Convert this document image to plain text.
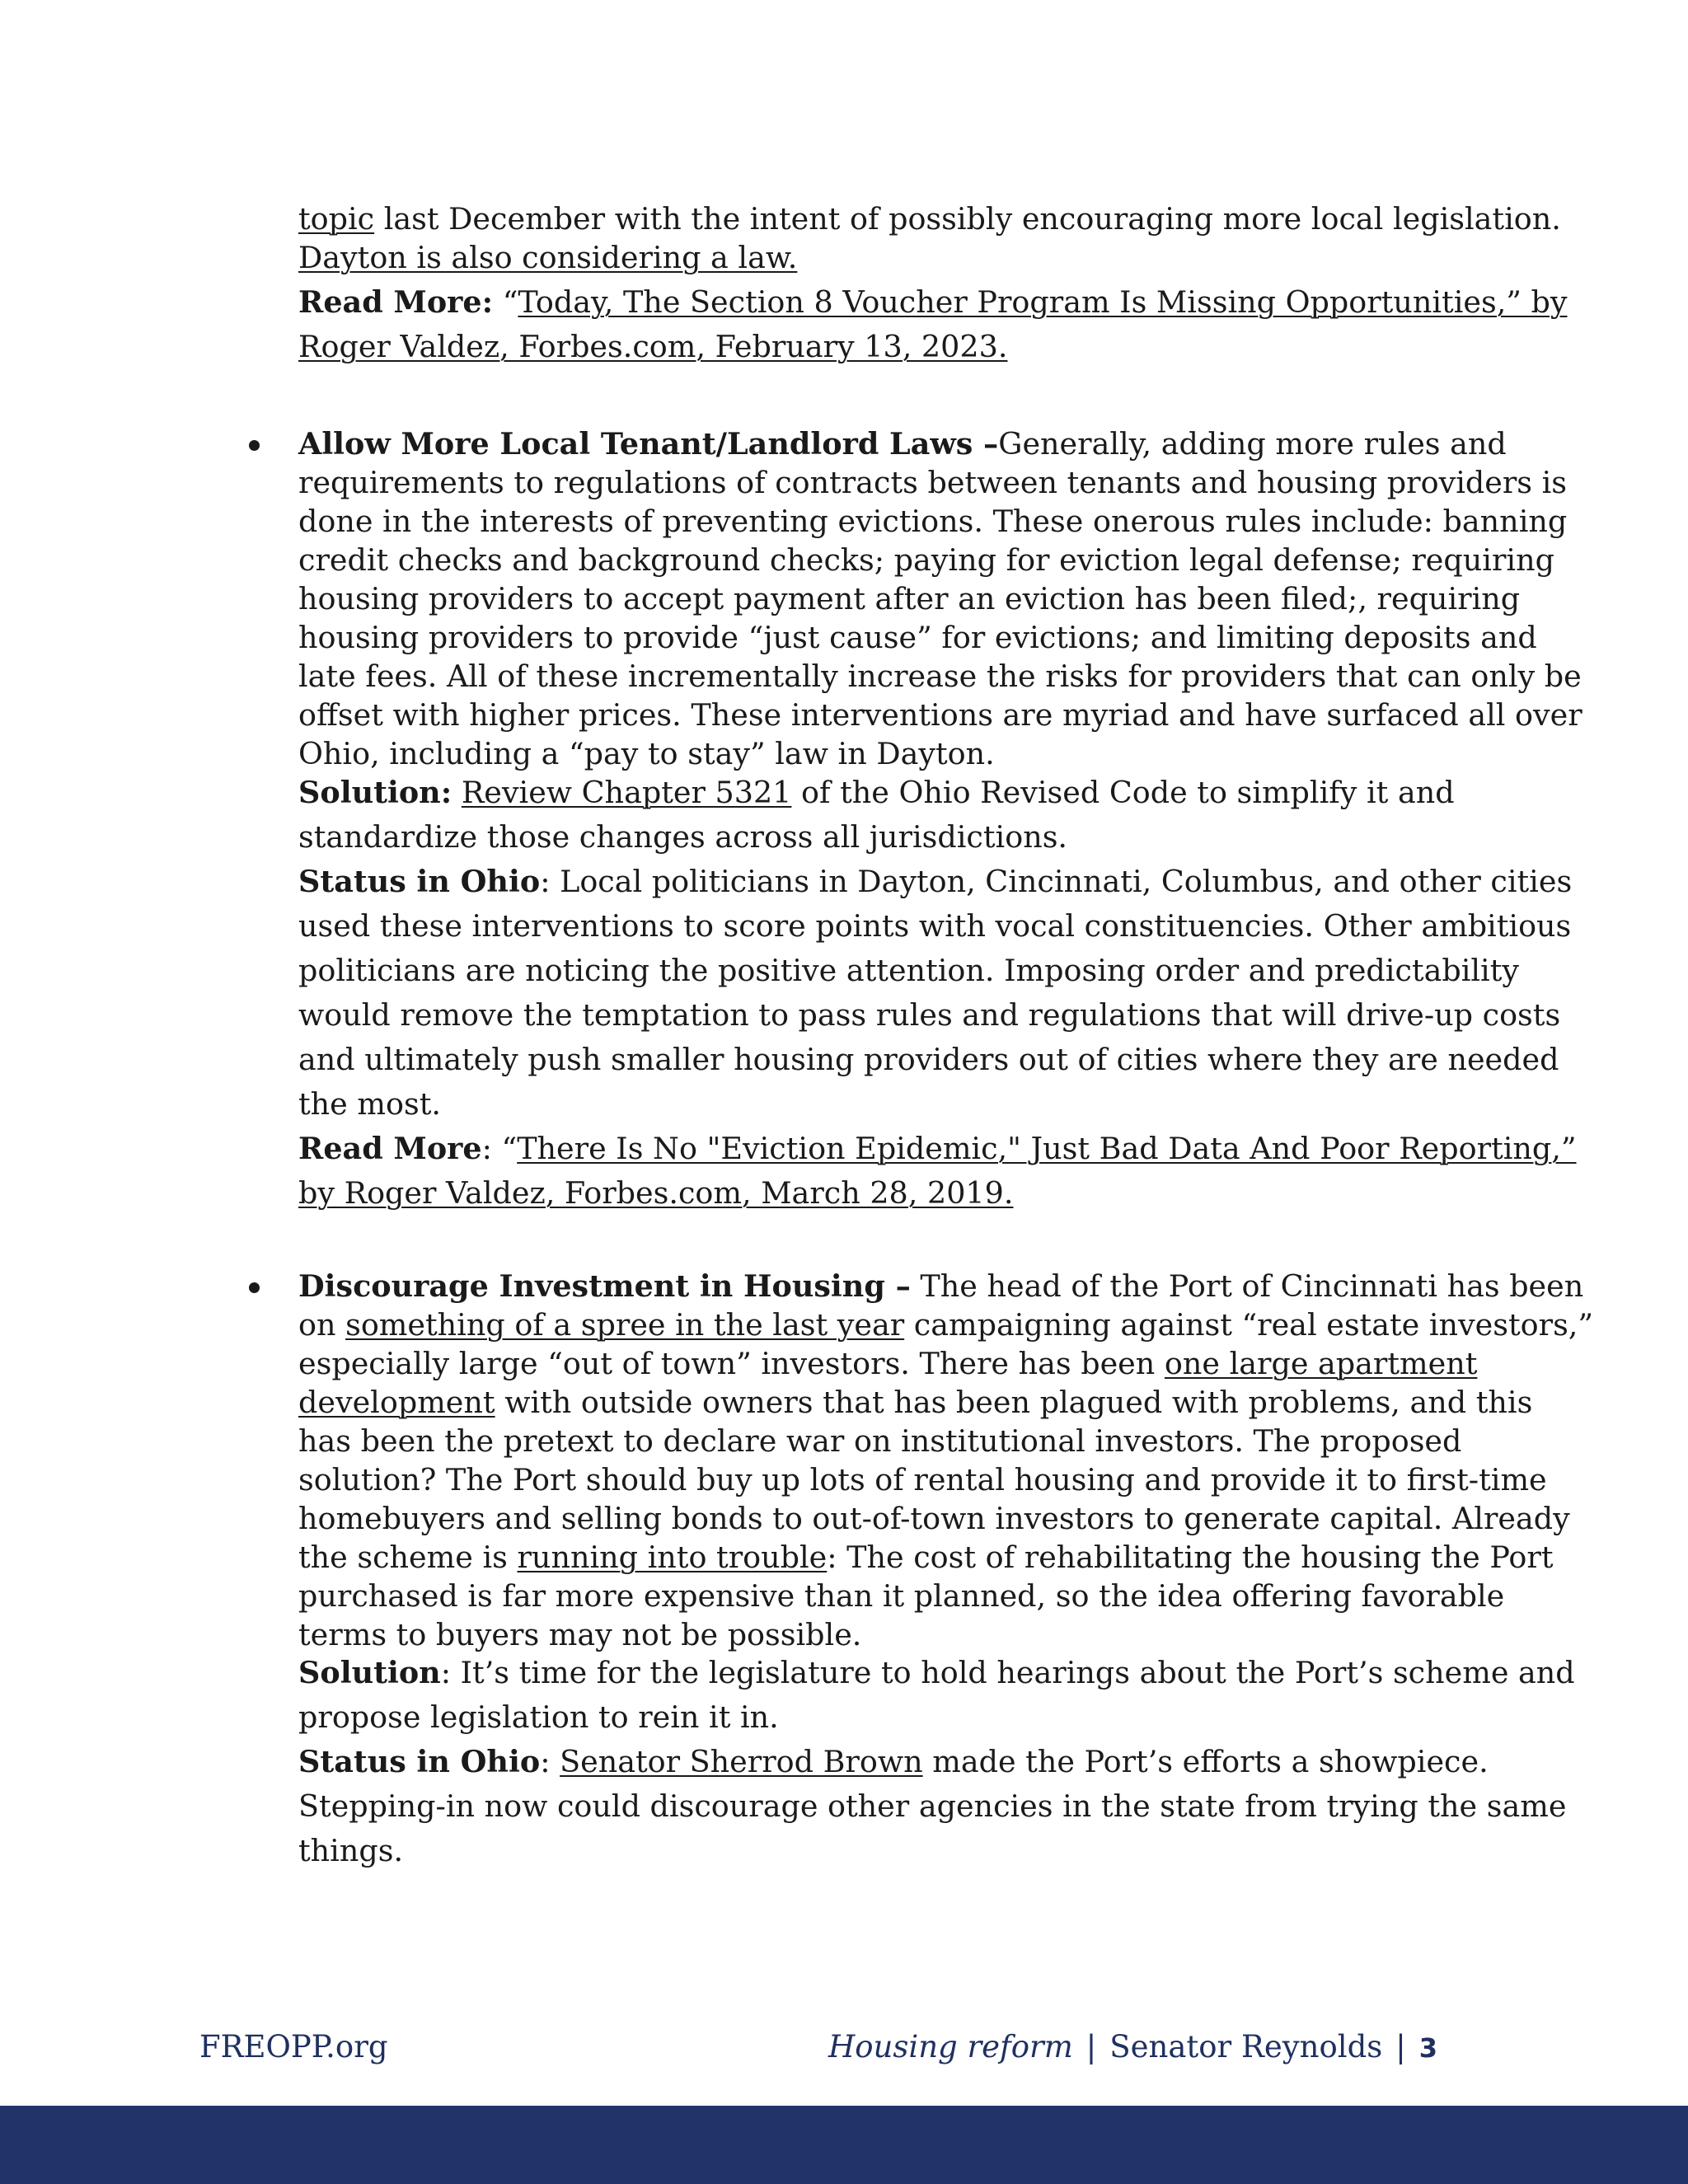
topic last December with the intent of possibly encouraging more local legislation.
Dayton is also considering a law.
Read More: “Today, The Section 8 Voucher Program Is Missing Opportunities,” by
Roger Valdez, Forbes.com, February 13, 2023.
Allow More Local Tenant/Landlord Laws –Generally, adding more rules and
requirements to regulations of contracts between tenants and housing providers is
done in the interests of preventing evictions. These onerous rules include: banning
credit checks and background checks; paying for eviction legal defense; requiring
housing providers to accept payment after an eviction has been filed;, requiring
housing providers to provide “just cause” for evictions; and limiting deposits and
late fees. All of these incrementally increase the risks for providers that can only be
offset with higher prices. These interventions are myriad and have surfaced all over
Ohio, including a “pay to stay” law in Dayton.
Solution: Review Chapter 5321 of the Ohio Revised Code to simplify it and
standardize those changes across all jurisdictions.
Status in Ohio: Local politicians in Dayton, Cincinnati, Columbus, and other cities
used these interventions to score points with vocal constituencies. Other ambitious
politicians are noticing the positive attention. Imposing order and predictability
would remove the temptation to pass rules and regulations that will drive-up costs
and ultimately push smaller housing providers out of cities where they are needed
the most.
Read More: “There Is No "Eviction Epidemic," Just Bad Data And Poor Reporting,”
by Roger Valdez, Forbes.com, March 28, 2019.
Discourage Investment in Housing – The head of the Port of Cincinnati has been
on something of a spree in the last year campaigning against “real estate investors,”
especially large “out of town” investors. There has been one large apartment
development with outside owners that has been plagued with problems, and this
has been the pretext to declare war on institutional investors. The proposed
solution? The Port should buy up lots of rental housing and provide it to first-time
homebuyers and selling bonds to out-of-town investors to generate capital. Already
the scheme is running into trouble: The cost of rehabilitating the housing the Port
purchased is far more expensive than it planned, so the idea offering favorable
terms to buyers may not be possible.
Solution: It’s time for the legislature to hold hearings about the Port’s scheme and
propose legislation to rein it in.
Status in Ohio: Senator Sherrod Brown made the Port’s efforts a showpiece.
Stepping-in now could discourage other agencies in the state from trying the same
things.
FREOPP.org	Housing reform | Senator Reynolds | 3
